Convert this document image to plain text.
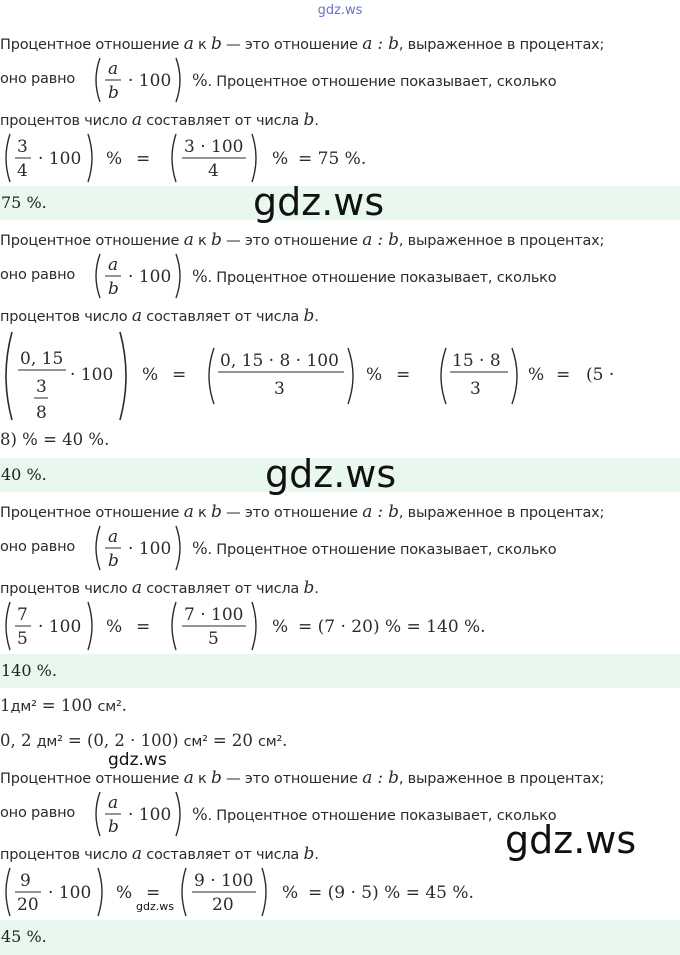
gdz.ws
Процентное отношение a к b — это отношение a : b, выраженное в процентах;
оно равно a
b
· 100 %. Процентное отношение показывает, сколько
процентов число a составляет от числа b.
3
4
· 100 % =
3 · 100
4
% = 75 %.
75 %.	gdz.ws
Процентное отношение a к b — это отношение a : b, выраженное в процентах;
оно равно a
b
· 100 %. Процентное отношение показывает, сколько
процентов число a составляет от числа b.
0, 15
3
8
· 100 % =
0, 15 · 8 · 100
3
% =
15 · 8
3
% = (5 ·
8) % = 40 %.
40 %.	gdz.ws
Процентное отношение a к b — это отношение a : b, выраженное в процентах;
оно равно a
b
· 100 %. Процентное отношение показывает, сколько
процентов число a составляет от числа b.
7
5
· 100 % =
7 · 100
5
% = (7 · 20) % = 140 %.
140 %.
1дм² = 100 см².
0, 2 дм² = (0, 2 · 100) см² = 20 см².
Процентное отношение a к b — это отношение a : b, выраженное в процентах;
оно равно a
b
· 100 %. Процентное отношение показывает, сколько
процентов число a составляет от числа b.
9
20
· 100 % =
9 · 100
20
% = (9 · 5) % = 45 %.
45 %.
gdz.ws
gdz.ws
gdz.ws
